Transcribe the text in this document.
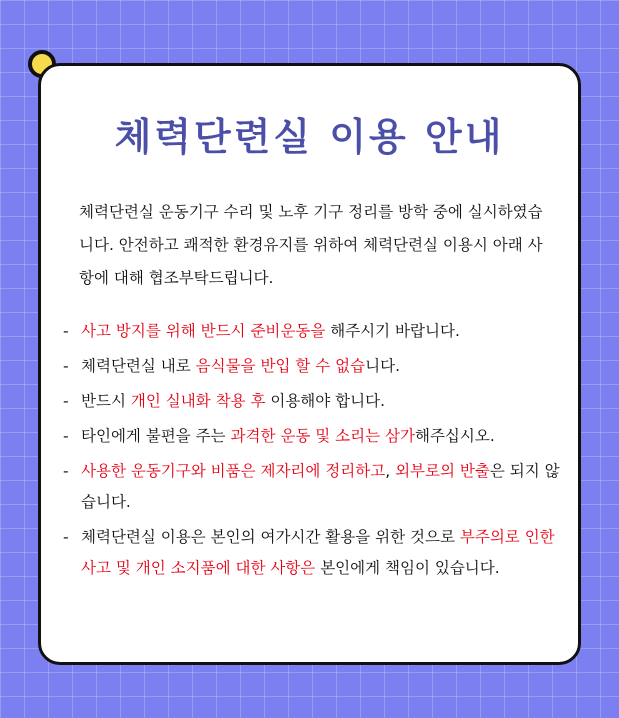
체력단련실 이용 안내

체력단련실 운동기구 수리 및 노후 기구 정리를 방학 중에 실시하였습니다. 안전하고 쾌적한 환경유지를 위하여 체력단련실 이용시 아래 사항에 대해 협조부탁드립니다.

- 사고 방지를 위해 반드시 준비운동을 해주시기 바랍니다.
- 체력단련실 내로 음식물을 반입 할 수 없습니다.
- 반드시 개인 실내화 착용 후 이용해야 합니다.
- 타인에게 불편을 주는 과격한 운동 및 소리는 삼가해주십시오.
- 사용한 운동기구와 비품은 제자리에 정리하고, 외부로의 반출은 되지 않습니다.
- 체력단련실 이용은 본인의 여가시간 활용을 위한 것으로 부주의로 인한 사고 및 개인 소지품에 대한 사항은 본인에게 책임이 있습니다.
